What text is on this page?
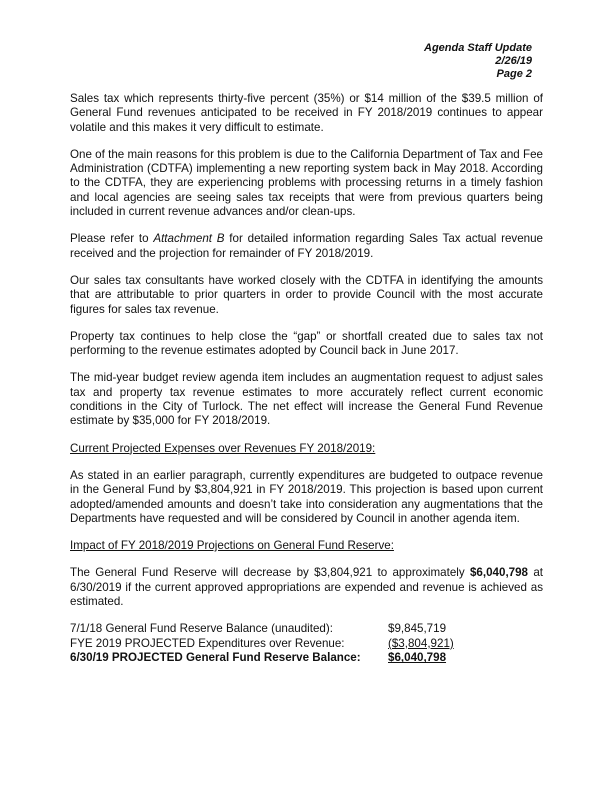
Agenda Staff Update
2/26/19
Page 2

Sales tax which represents thirty-five percent (35%) or $14 million of the $39.5 million of General Fund revenues anticipated to be received in FY 2018/2019 continues to appear volatile and this makes it very difficult to estimate.

One of the main reasons for this problem is due to the California Department of Tax and Fee Administration (CDTFA) implementing a new reporting system back in May 2018. According to the CDTFA, they are experiencing problems with processing returns in a timely fashion and local agencies are seeing sales tax receipts that were from previous quarters being included in current revenue advances and/or clean-ups.

Please refer to Attachment B for detailed information regarding Sales Tax actual revenue received and the projection for remainder of FY 2018/2019.

Our sales tax consultants have worked closely with the CDTFA in identifying the amounts that are attributable to prior quarters in order to provide Council with the most accurate figures for sales tax revenue.

Property tax continues to help close the “gap” or shortfall created due to sales tax not performing to the revenue estimates adopted by Council back in June 2017.

The mid-year budget review agenda item includes an augmentation request to adjust sales tax and property tax revenue estimates to more accurately reflect current economic conditions in the City of Turlock. The net effect will increase the General Fund Revenue estimate by $35,000 for FY 2018/2019.

Current Projected Expenses over Revenues FY 2018/2019:

As stated in an earlier paragraph, currently expenditures are budgeted to outpace revenue in the General Fund by $3,804,921 in FY 2018/2019. This projection is based upon current adopted/amended amounts and doesn’t take into consideration any augmentations that the Departments have requested and will be considered by Council in another agenda item.

Impact of FY 2018/2019 Projections on General Fund Reserve:

The General Fund Reserve will decrease by $3,804,921 to approximately $6,040,798 at 6/30/2019 if the current approved appropriations are expended and revenue is achieved as estimated.

7/1/18 General Fund Reserve Balance (unaudited):	$9,845,719
FYE 2019 PROJECTED Expenditures over Revenue:	($3,804,921)
6/30/19 PROJECTED General Fund Reserve Balance:	$6,040,798
